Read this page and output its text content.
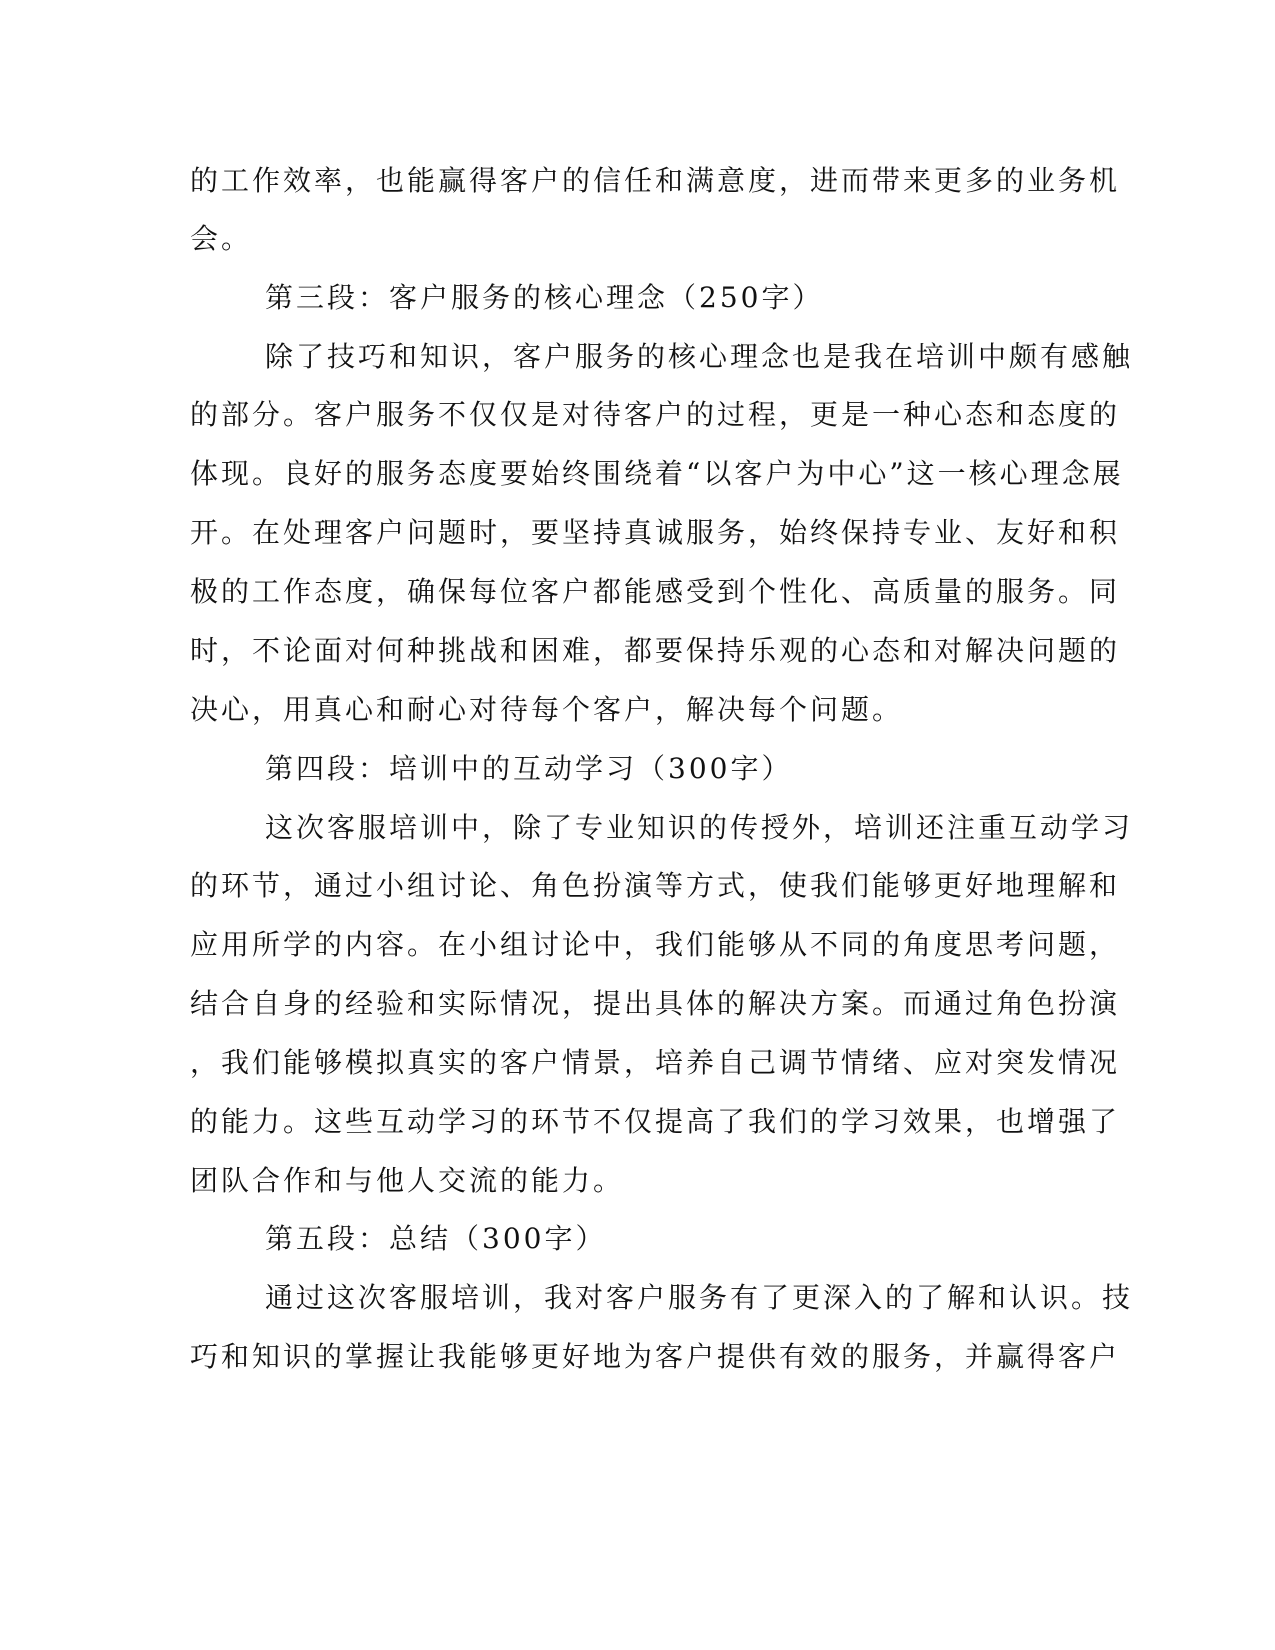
的工作效率，也能赢得客户的信任和满意度，进而带来更多的业务机
会。
第三段：客户服务的核心理念（250字）
除了技巧和知识，客户服务的核心理念也是我在培训中颇有感触
的部分。客户服务不仅仅是对待客户的过程，更是一种心态和态度的
体现。良好的服务态度要始终围绕着“以客户为中心”这一核心理念展
开。在处理客户问题时，要坚持真诚服务，始终保持专业、友好和积
极的工作态度，确保每位客户都能感受到个性化、高质量的服务。同
时，不论面对何种挑战和困难，都要保持乐观的心态和对解决问题的
决心，用真心和耐心对待每个客户，解决每个问题。
第四段：培训中的互动学习（300字）
这次客服培训中，除了专业知识的传授外，培训还注重互动学习
的环节，通过小组讨论、角色扮演等方式，使我们能够更好地理解和
应用所学的内容。在小组讨论中，我们能够从不同的角度思考问题，
结合自身的经验和实际情况，提出具体的解决方案。而通过角色扮演
，我们能够模拟真实的客户情景，培养自己调节情绪、应对突发情况
的能力。这些互动学习的环节不仅提高了我们的学习效果，也增强了
团队合作和与他人交流的能力。
第五段：总结（300字）
通过这次客服培训，我对客户服务有了更深入的了解和认识。技
巧和知识的掌握让我能够更好地为客户提供有效的服务，并赢得客户
